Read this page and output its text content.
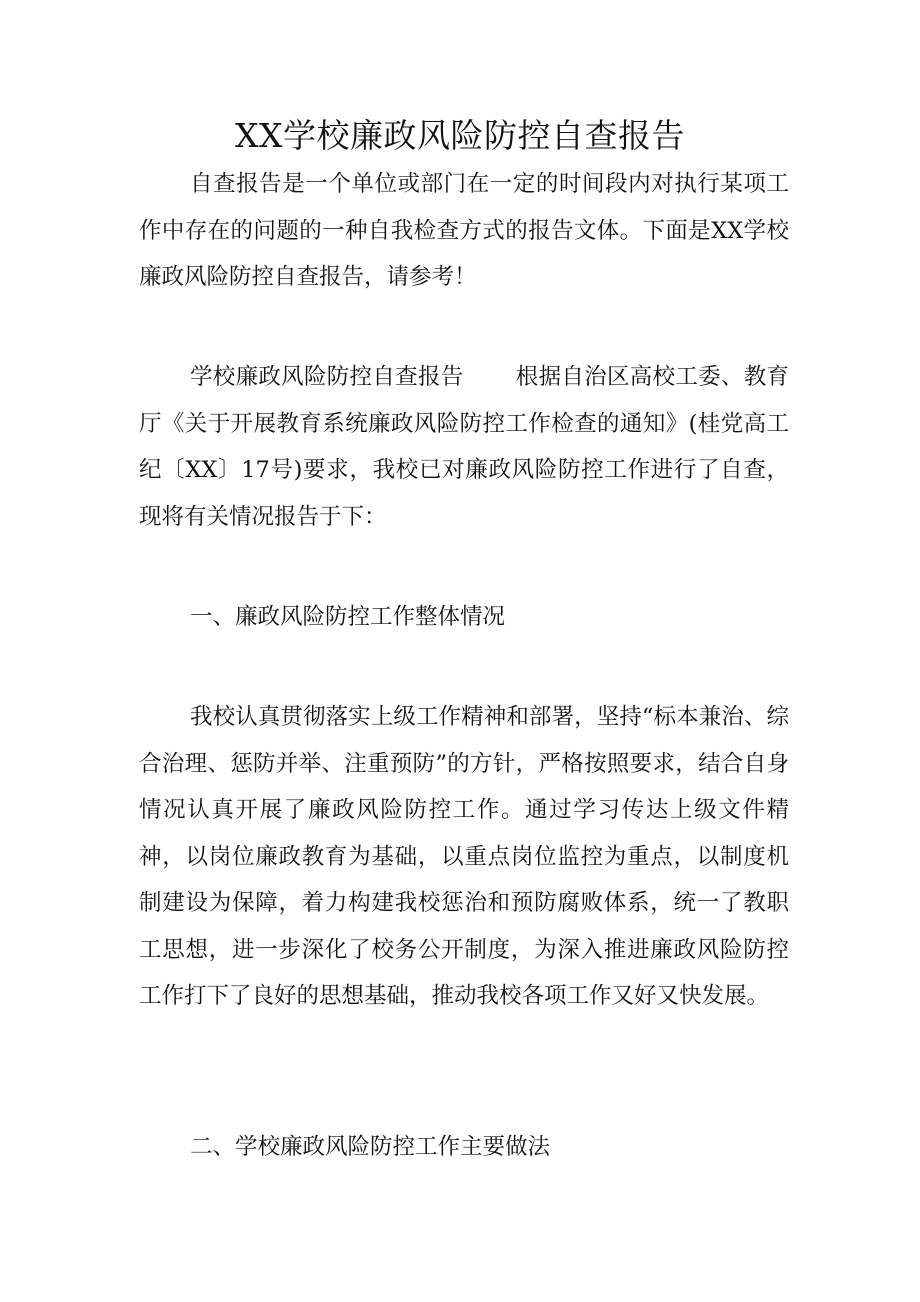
XX学校廉政风险防控自查报告

自查报告是一个单位或部门在一定的时间段内对执行某项工作中存在的问题的一种自我检查方式的报告文体。下面是XX学校廉政风险防控自查报告，请参考！

学校廉政风险防控自查报告 根据自治区高校工委、教育厅《关于开展教育系统廉政风险防控工作检查的通知》(桂党高工纪〔XX〕17号)要求，我校已对廉政风险防控工作进行了自查，现将有关情况报告于下：

一、廉政风险防控工作整体情况

我校认真贯彻落实上级工作精神和部署，坚持“标本兼治、综合治理、惩防并举、注重预防”的方针，严格按照要求，结合自身情况认真开展了廉政风险防控工作。通过学习传达上级文件精神，以岗位廉政教育为基础，以重点岗位监控为重点，以制度机制建设为保障，着力构建我校惩治和预防腐败体系，统一了教职工思想，进一步深化了校务公开制度，为深入推进廉政风险防控工作打下了良好的思想基础，推动我校各项工作又好又快发展。

二、学校廉政风险防控工作主要做法
